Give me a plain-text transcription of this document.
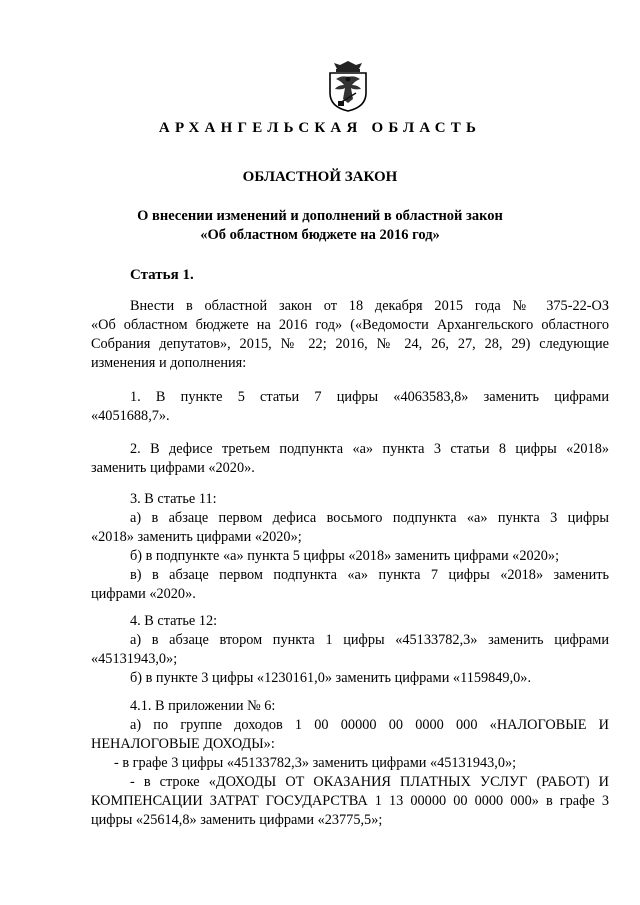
АРХАНГЕЛЬСКАЯ ОБЛАСТЬ
ОБЛАСТНОЙ ЗАКОН
О внесении изменений и дополнений в областной закон
«Об областном бюджете на 2016 год»
Статья 1.
Внести в областной закон от 18 декабря 2015 года № 375-22-ОЗ
«Об областном бюджете на 2016 год» («Ведомости Архангельского областного
Собрания депутатов», 2015, № 22; 2016, № 24, 26, 27, 28, 29) следующие
изменения и дополнения:
1. В пункте 5 статьи 7 цифры «4063583,8» заменить цифрами
«4051688,7».
2. В дефисе третьем подпункта «а» пункта 3 статьи 8 цифры «2018»
заменить цифрами «2020».
3. В статье 11:
а) в абзаце первом дефиса восьмого подпункта «а» пункта 3 цифры
«2018» заменить цифрами «2020»;
б) в подпункте «а» пункта 5 цифры «2018» заменить цифрами «2020»;
в) в абзаце первом подпункта «а» пункта 7 цифры «2018» заменить
цифрами «2020».
4. В статье 12:
а) в абзаце втором пункта 1 цифры «45133782,3» заменить цифрами
«45131943,0»;
б) в пункте 3 цифры «1230161,0» заменить цифрами «1159849,0».
4.1. В приложении № 6:
а) по группе доходов 1 00 00000 00 0000 000 «НАЛОГОВЫЕ И
НЕНАЛОГОВЫЕ ДОХОДЫ»:
- в графе 3 цифры «45133782,3» заменить цифрами «45131943,0»;
- в строке «ДОХОДЫ ОТ ОКАЗАНИЯ ПЛАТНЫХ УСЛУГ (РАБОТ) И
КОМПЕНСАЦИИ ЗАТРАТ ГОСУДАРСТВА 1 13 00000 00 0000 000» в графе 3
цифры «25614,8» заменить цифрами «23775,5»;
